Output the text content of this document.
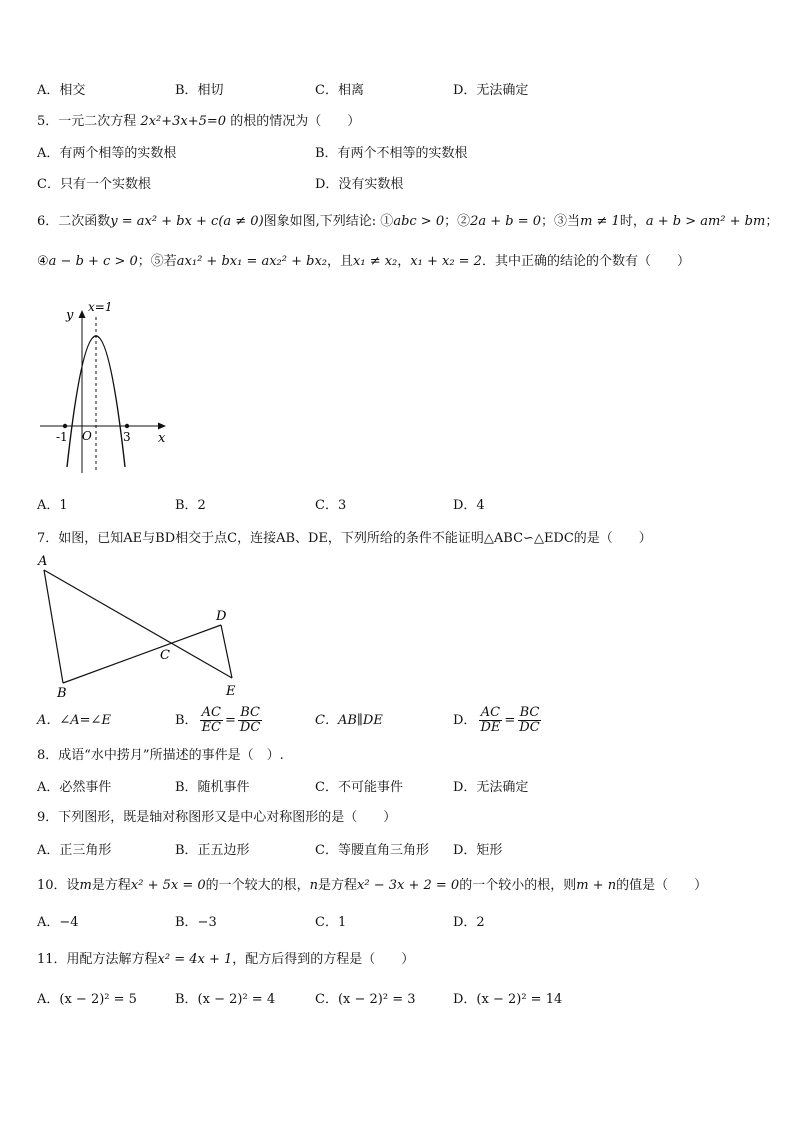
A．相交	B．相切	C．相离	D．无法确定
5．一元二次方程 2x²+3x+5=0 的根的情况为（　　）
A．有两个相等的实数根	B．有两个不相等的实数根
C．只有一个实数根	D．没有实数根
6．二次函数y = ax² + bx + c(a ≠ 0)图象如图,下列结论: ①abc > 0；②2a + b = 0；③当m ≠ 1时，a + b > am² + bm；
④a − b + c > 0；⑤若ax₁² + bx₁ = ax₂² + bx₂，且x₁ ≠ x₂，x₁ + x₂ = 2．其中正确的结论的个数有（　　）
x=1
y
x
O
-1	3
A．1	B．2	C．3	D．4
7．如图，已知AE与BD相交于点C，连接AB、DE，下列所给的条件不能证明△ABC∽△EDC的是（　　）
A
B
C
D
E
A．∠A=∠E	B． $\frac{AC}{EC} = \frac{BC}{DC}$	C．AB∥DE	D． $\frac{AC}{DE} = \frac{BC}{DC}$
8．成语“水中捞月”所描述的事件是（　）.
A．必然事件	B．随机事件	C．不可能事件	D．无法确定
9．下列图形，既是轴对称图形又是中心对称图形的是（　　）
A．正三角形	B．正五边形	C．等腰直角三角形 D．矩形
10．设m是方程x² + 5x = 0的一个较大的根，n是方程x² − 3x + 2 = 0的一个较小的根，则m + n的值是（　　）
A．−4	B．−3	C．1	D．2
11．用配方法解方程x² = 4x + 1，配方后得到的方程是（　　）
A．(x − 2)² = 5	B．(x − 2)² = 4	C．(x − 2)² = 3	D．(x − 2)² = 14
